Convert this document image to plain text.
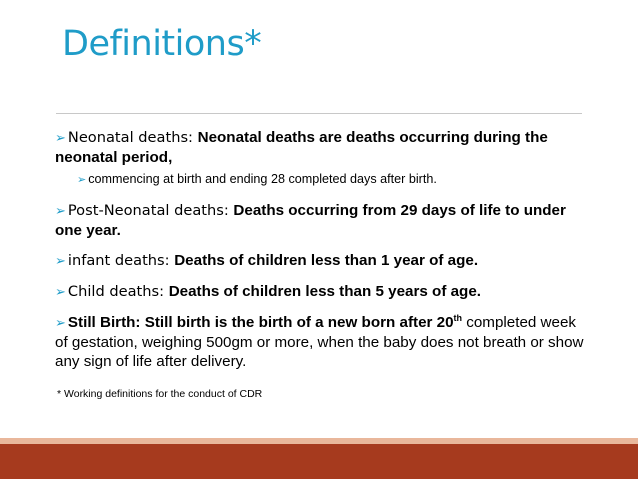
Definitions*

➢ Neonatal deaths: Neonatal deaths are deaths occurring during the neonatal period,

➢ commencing at birth and ending 28 completed days after birth.

➢ Post-Neonatal deaths: Deaths occurring from 29 days of life to under one year.

➢ infant deaths: Deaths of children less than 1 year of age.

➢ Child deaths: Deaths of children less than 5 years of age.

➢ Still Birth: Still birth is the birth of a new born after 20th completed week of gestation, weighing 500gm or more, when the baby does not breath or show any sign of life after delivery.

* Working definitions for the conduct of CDR
